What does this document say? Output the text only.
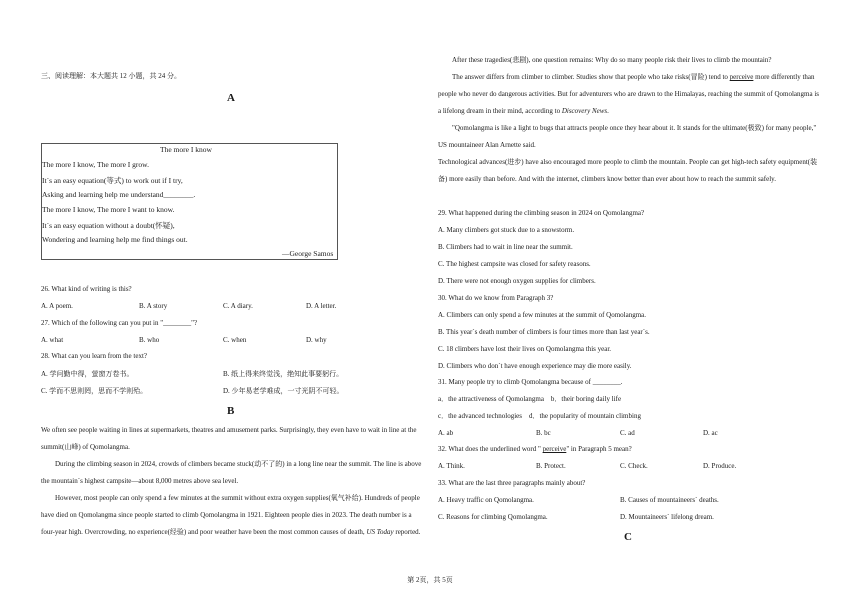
三、阅读理解：本大题共 12 小题，共 24 分。
A
The more I know
The more I know, The more I grow.
It´s an easy equation(等式) to work out if I try,
Asking and learning help me understand________.
The more I know, The more I want to know.
It´s an easy equation without a doubt(怀疑),
Wondering and learning help me find things out.
—George Samos
26. What kind of writing is this?
A. A poem.	B. A story	C. A diary.	D. A letter.
27. Which of the following can you put in "________"?
A. what	B. who	C. when	D. why
28. What can you learn from the text?
A. 学问勤中得，萤窗万卷书。	B. 纸上得来终觉浅，绝知此事要躬行。
C. 学而不思则罔，思而不学则殆。	D. 少年易老学难成，一寸光阴不可轻。
B
We often see people waiting in lines at supermarkets, theatres and amusement parks. Surprisingly, they even have to wait in line at the summit(山峰) of Qomolangma.
During the climbing season in 2024, crowds of climbers became stuck(动不了的) in a long line near the summit. The line is above the mountain´s highest campsite—about 8,000 metres above sea level.
However, most people can only spend a few minutes at the summit without extra oxygen supplies(氧气补给). Hundreds of people have died on Qomolangma since people started to climb Qomolangma in 1921. Eighteen people dies in 2023. The death number is a four-year high. Overcrowding, no experience(经验) and poor weather have been the most common causes of death, US Today reported.
After these tragedies(悲剧), one question remains: Why do so many people risk their lives to climb the mountain?
The answer differs from climber to climber. Studies show that people who take risks(冒险) tend to perceive more differently than people who never do dangerous activities. But for adventurers who are drawn to the Himalayas, reaching the summit of Qomolangma is a lifelong dream in their mind, according to Discovery News.
"Qomolangma is like a light to bugs that attracts people once they hear about it. It stands for the ultimate(极致) for many people," US mountaineer Alan Arnette said.
Technological advances(进步) have also encouraged more people to climb the mountain. People can get high-tech safety equipment(装备) more easily than before. And with the internet, climbers know better than ever about how to reach the summit safely.
29. What happened during the climbing season in 2024 on Qomolangma?
A. Many climbers got stuck due to a snowstorm.
B. Climbers had to wait in line near the summit.
C. The highest campsite was closed for safety reasons.
D. There were not enough oxygen supplies for climbers.
30. What do we know from Paragraph 3?
A. Climbers can only spend a few minutes at the summit of Qomolangma.
B. This year´s death number of climbers is four times more than last year´s.
C. 18 climbers have lost their lives on Qomolangma this year.
D. Climbers who don´t have enough experience may die more easily.
31. Many people try to climb Qomolangma because of ________.
a．the attractiveness of Qomolangma　b．their boring daily life
c．the advanced technologies　d．the popularity of mountain climbing
A. ab	B. bc	C. ad	D. ac
32. What does the underlined word " perceive" in Paragraph 5 mean?
A. Think.	B. Protect.	C. Check.	D. Produce.
33. What are the last three paragraphs mainly about?
A. Heavy traffic on Qomolangma.	B. Causes of mountaineers´ deaths.
C. Reasons for climbing Qomolangma.	D. Mountaineers´ lifelong dream.
C
第 2页，共 5页
